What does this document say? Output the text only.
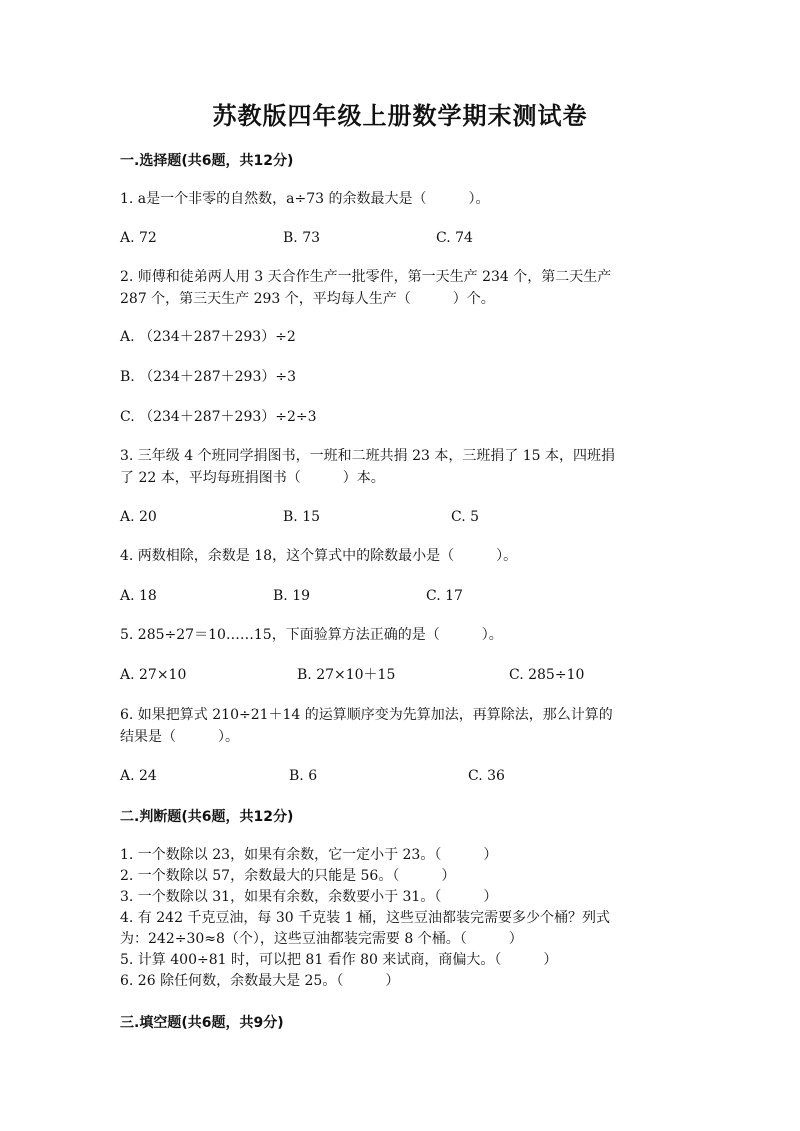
苏教版四年级上册数学期末测试卷
一.选择题(共6题，共12分)
1. a是一个非零的自然数，a÷73 的余数最大是（　　　）。
A. 72	B. 73	C. 74
2. 师傅和徒弟两人用 3 天合作生产一批零件，第一天生产 234 个，第二天生产
287 个，第三天生产 293 个，平均每人生产（　　　）个。
A. （234＋287＋293）÷2
B. （234＋287＋293）÷3
C. （234＋287＋293）÷2÷3
3. 三年级 4 个班同学捐图书，一班和二班共捐 23 本，三班捐了 15 本，四班捐
了 22 本，平均每班捐图书（　　　）本。
A. 20	B. 15	C. 5
4. 两数相除，余数是 18，这个算式中的除数最小是（　　　）。
A. 18	B. 19	C. 17
5. 285÷27＝10……15，下面验算方法正确的是（　　　）。
A. 27×10	B. 27×10＋15	C. 285÷10
6. 如果把算式 210÷21＋14 的运算顺序变为先算加法，再算除法，那么计算的
结果是（　　　）。
A. 24	B. 6	C. 36
二.判断题(共6题，共12分)
1. 一个数除以 23，如果有余数，它一定小于 23。（　　　）
2. 一个数除以 57，余数最大的只能是 56。（　　　）
3. 一个数除以 31，如果有余数，余数要小于 31。（　　　）
4. 有 242 千克豆油，每 30 千克装 1 桶，这些豆油都装完需要多少个桶？列式
为：242÷30≈8（个），这些豆油都装完需要 8 个桶。（　　　）
5. 计算 400÷81 时，可以把 81 看作 80 来试商，商偏大。（　　　）
6. 26 除任何数，余数最大是 25。（　　　）
三.填空题(共6题，共9分)
